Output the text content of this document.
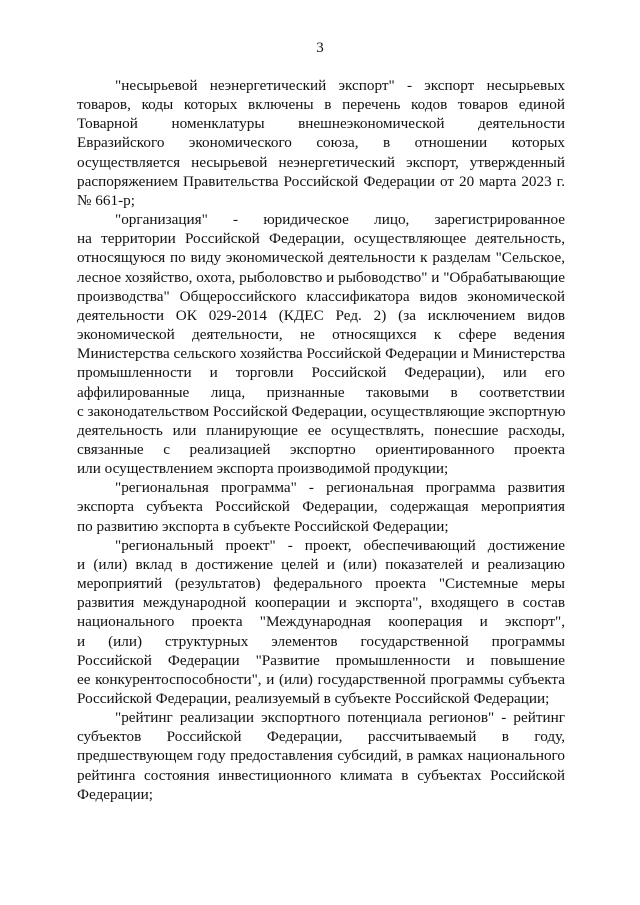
3
"несырьевой неэнергетический экспорт" - экспорт несырьевых
товаров, коды которых включены в перечень кодов товаров единой
Товарной номенклатуры внешнеэкономической деятельности
Евразийского экономического союза, в отношении которых
осуществляется несырьевой неэнергетический экспорт, утвержденный
распоряжением Правительства Российской Федерации от 20 марта 2023 г.
№ 661-р;
"организация" - юридическое лицо, зарегистрированное
на территории Российской Федерации, осуществляющее деятельность,
относящуюся по виду экономической деятельности к разделам "Сельское,
лесное хозяйство, охота, рыболовство и рыбоводство" и "Обрабатывающие
производства" Общероссийского классификатора видов экономической
деятельности ОК 029-2014 (КДЕС Ред. 2) (за исключением видов
экономической деятельности, не относящихся к сфере ведения
Министерства сельского хозяйства Российской Федерации и Министерства
промышленности и торговли Российской Федерации), или его
аффилированные лица, признанные таковыми в соответствии
с законодательством Российской Федерации, осуществляющие экспортную
деятельность или планирующие ее осуществлять, понесшие расходы,
связанные с реализацией экспортно ориентированного проекта
или осуществлением экспорта производимой продукции;
"региональная программа" - региональная программа развития
экспорта субъекта Российской Федерации, содержащая мероприятия
по развитию экспорта в субъекте Российской Федерации;
"региональный проект" - проект, обеспечивающий достижение
и (или) вклад в достижение целей и (или) показателей и реализацию
мероприятий (результатов) федерального проекта "Системные меры
развития международной кооперации и экспорта", входящего в состав
национального проекта "Международная кооперация и экспорт",
и (или) структурных элементов государственной программы
Российской Федерации "Развитие промышленности и повышение
ее конкурентоспособности", и (или) государственной программы субъекта
Российской Федерации, реализуемый в субъекте Российской Федерации;
"рейтинг реализации экспортного потенциала регионов" - рейтинг
субъектов Российской Федерации, рассчитываемый в году,
предшествующем году предоставления субсидий, в рамках национального
рейтинга состояния инвестиционного климата в субъектах Российской
Федерации;
